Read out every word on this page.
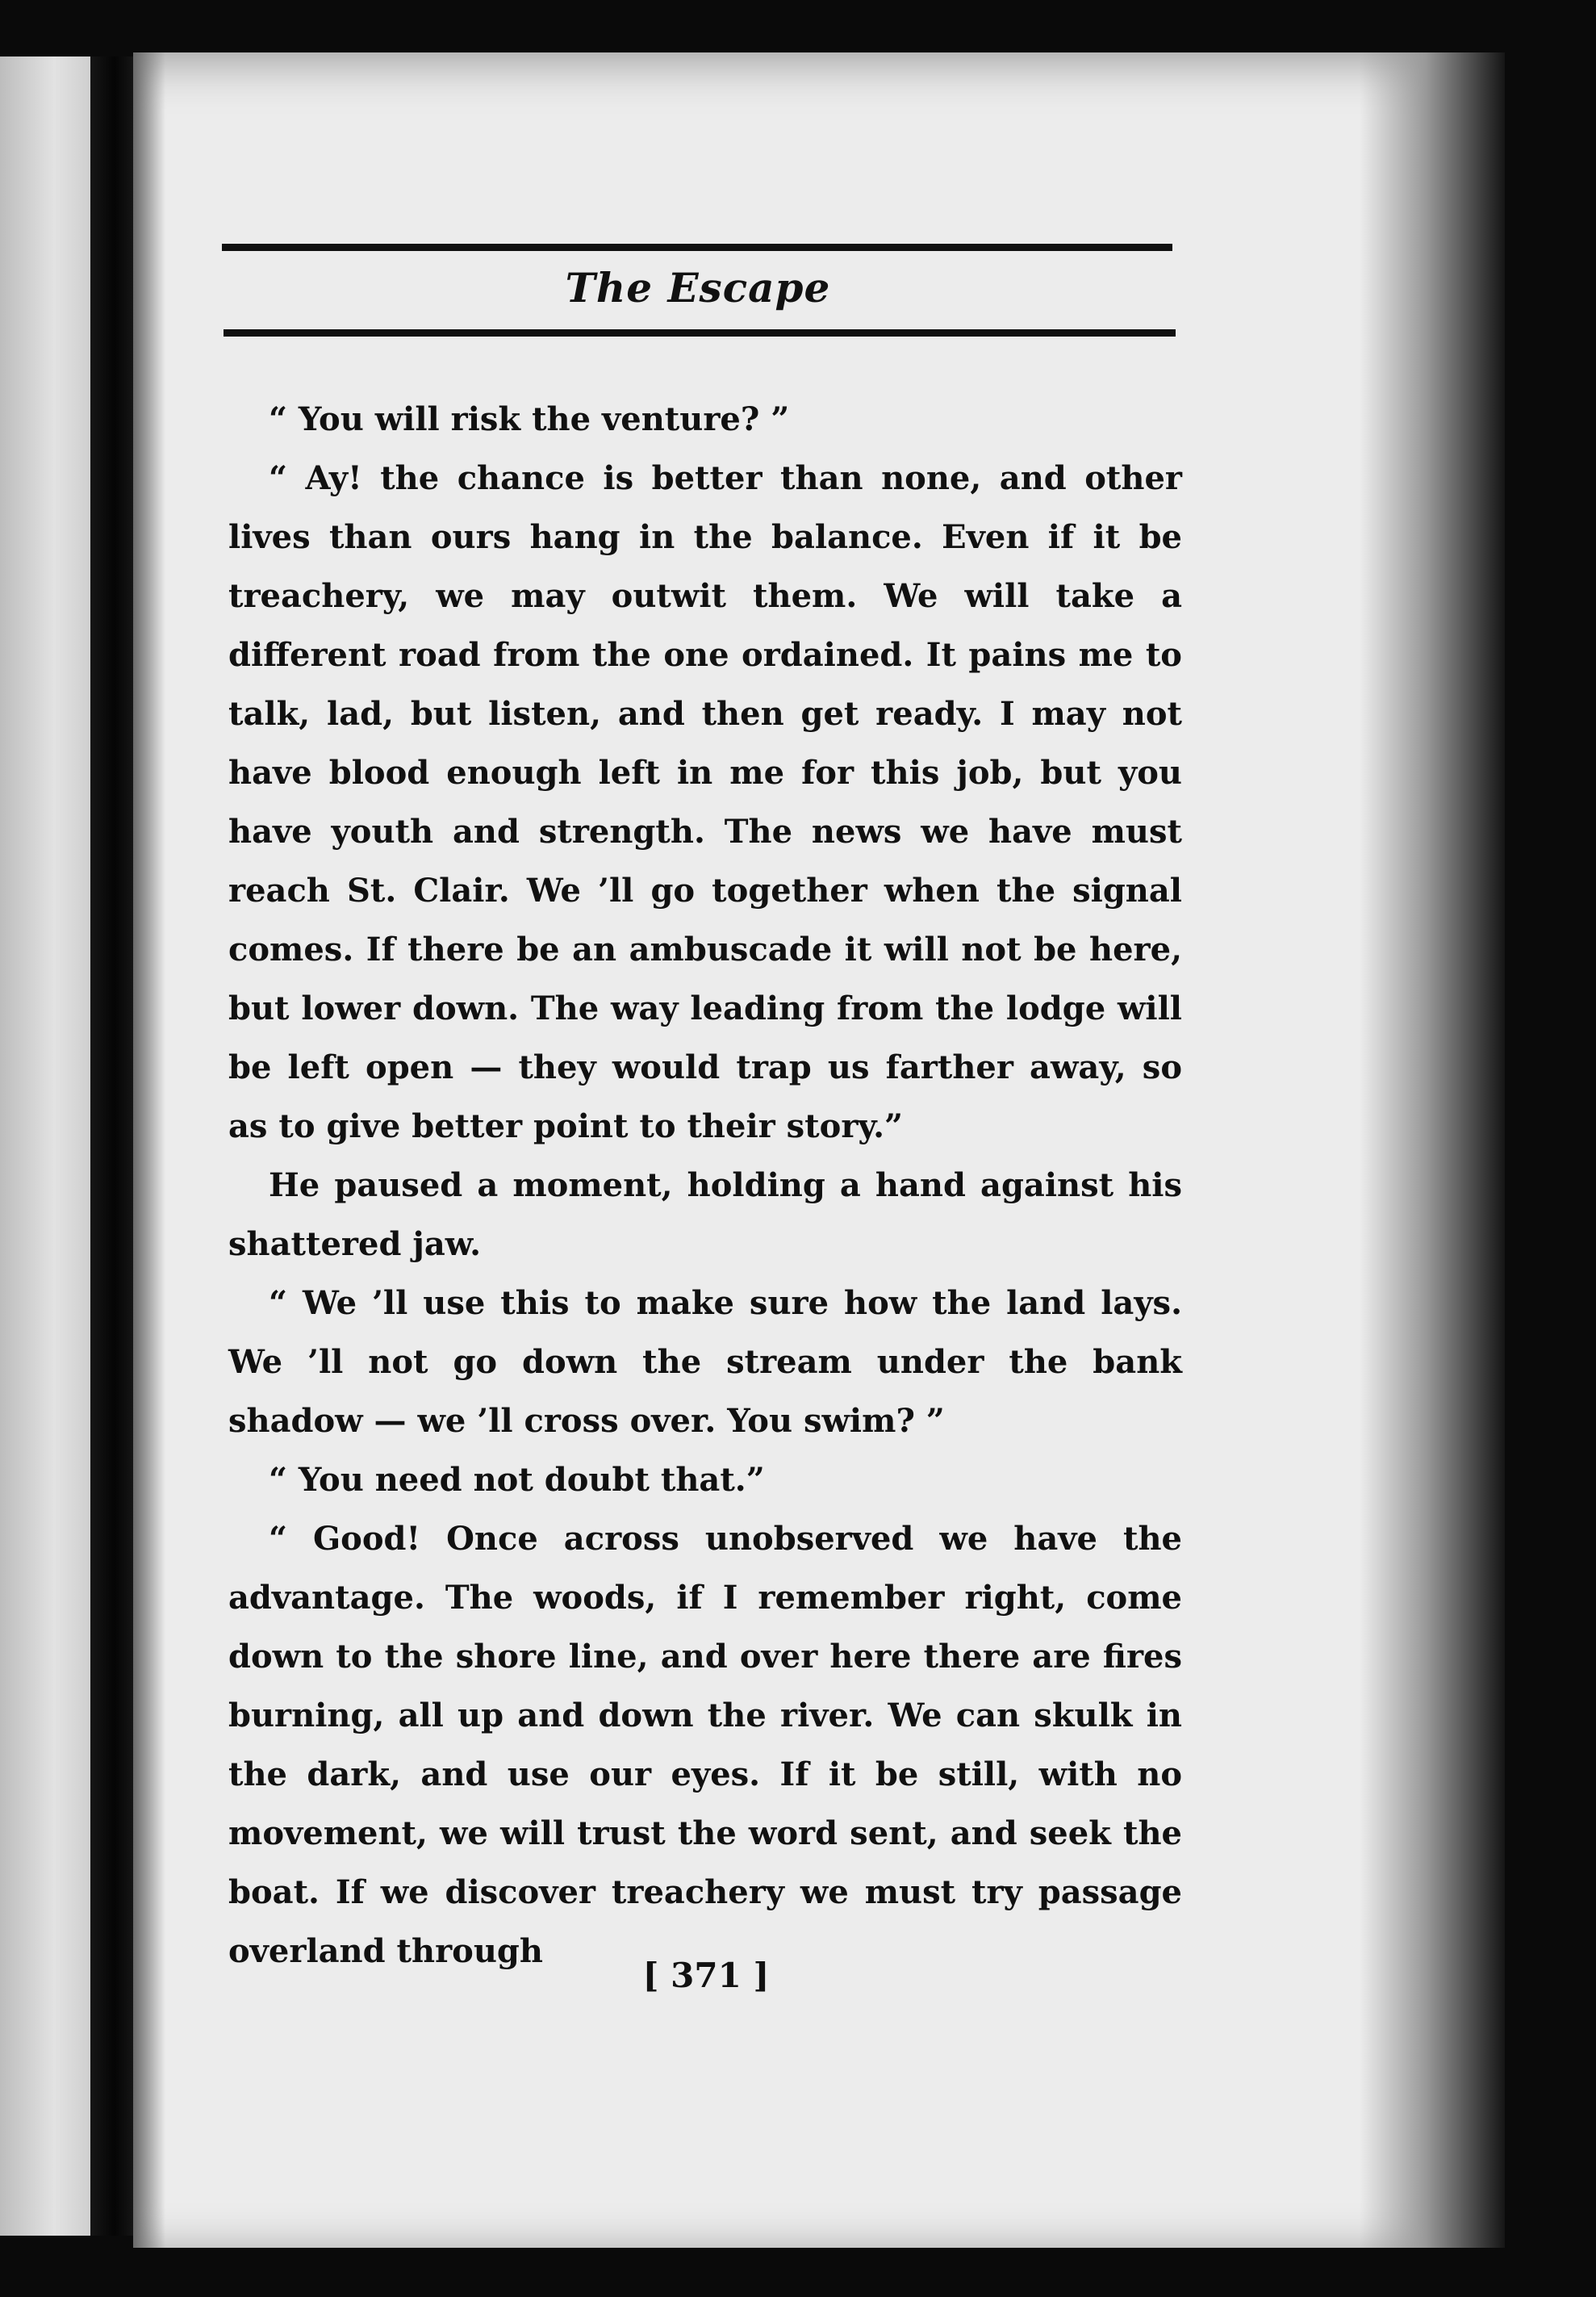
The Escape

“ You will risk the venture? ”

“ Ay! the chance is better than none, and other lives than ours hang in the balance. Even if it be treachery, we may outwit them. We will take a different road from the one ordained. It pains me to talk, lad, but listen, and then get ready. I may not have blood enough left in me for this job, but you have youth and strength. The news we have must reach St. Clair. We ’ll go together when the signal comes. If there be an ambuscade it will not be here, but lower down. The way leading from the lodge will be left open — they would trap us farther away, so as to give better point to their story.”

He paused a moment, holding a hand against his shattered jaw.

“ We ’ll use this to make sure how the land lays. We ’ll not go down the stream under the bank shadow — we ’ll cross over. You swim? ”

“ You need not doubt that.”

“ Good! Once across unobserved we have the advantage. The woods, if I remember right, come down to the shore line, and over here there are fires burning, all up and down the river. We can skulk in the dark, and use our eyes. If it be still, with no movement, we will trust the word sent, and seek the boat. If we discover treachery we must try passage overland through

[ 371 ]
